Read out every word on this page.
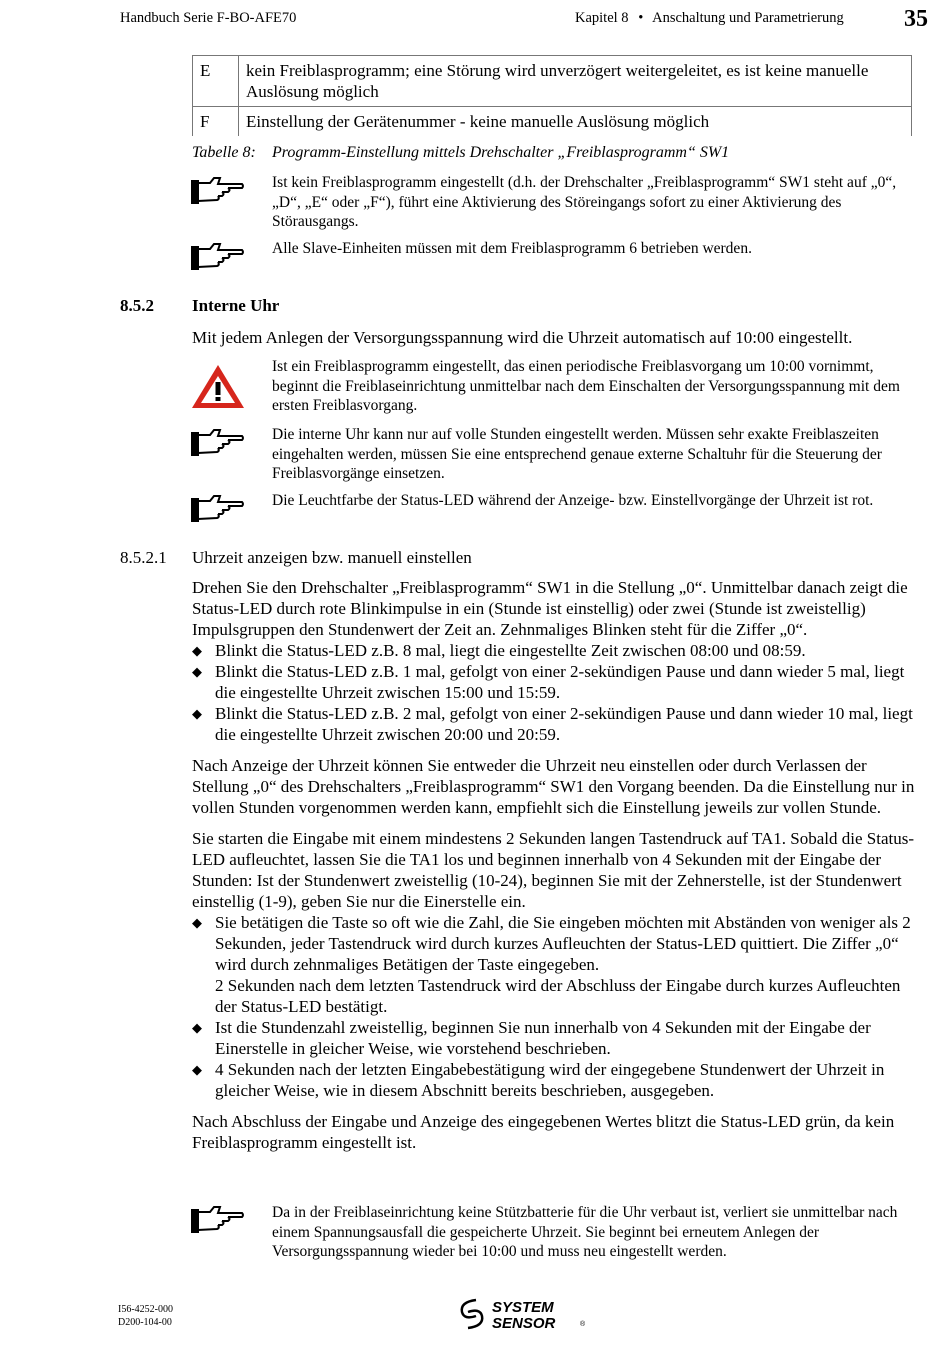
Handbuch Serie F-BO-AFE70	Kapitel 8 • Anschaltung und Parametrierung	35
E	kein Freiblasprogramm; eine Störung wird unverzögert weitergeleitet, es ist keine manuelle Auslösung möglich
F	Einstellung der Gerätenummer - keine manuelle Auslösung möglich
Tabelle 8: Programm-Einstellung mittels Drehschalter „Freiblasprogramm“ SW1
Ist kein Freiblasprogramm eingestellt (d.h. der Drehschalter „Freiblasprogramm“ SW1 steht auf „0“, „D“, „E“ oder „F“), führt eine Aktivierung des Störeingangs sofort zu einer Aktivierung des Störausgangs.
Alle Slave-Einheiten müssen mit dem Freiblasprogramm 6 betrieben werden.
8.5.2 Interne Uhr
Mit jedem Anlegen der Versorgungsspannung wird die Uhrzeit automatisch auf 10:00 eingestellt.
Ist ein Freiblasprogramm eingestellt, das einen periodische Freiblasvorgang um 10:00 vornimmt, beginnt die Freiblaseinrichtung unmittelbar nach dem Einschalten der Versorgungsspannung mit dem ersten Freiblasvorgang.
Die interne Uhr kann nur auf volle Stunden eingestellt werden. Müssen sehr exakte Freiblaszeiten eingehalten werden, müssen Sie eine entsprechend genaue externe Schaltuhr für die Steuerung der Freiblasvorgänge einsetzen.
Die Leuchtfarbe der Status-LED während der Anzeige- bzw. Einstellvorgänge der Uhrzeit ist rot.
8.5.2.1 Uhrzeit anzeigen bzw. manuell einstellen

Drehen Sie den Drehschalter „Freiblasprogramm“ SW1 in die Stellung „0“. Unmittelbar danach zeigt die Status-LED durch rote Blinkimpulse in ein (Stunde ist einstellig) oder zwei (Stunde ist zweistellig) Impulsgruppen den Stundenwert der Zeit an. Zehnmaliges Blinken steht für die Ziffer „0“.

◆ Blinkt die Status-LED z.B. 8 mal, liegt die eingestellte Zeit zwischen 08:00 und 08:59.
◆ Blinkt die Status-LED z.B. 1 mal, gefolgt von einer 2-sekündigen Pause und dann wieder 5 mal, liegt die eingestellte Uhrzeit zwischen 15:00 und 15:59.
◆ Blinkt die Status-LED z.B. 2 mal, gefolgt von einer 2-sekündigen Pause und dann wieder 10 mal, liegt die eingestellte Uhrzeit zwischen 20:00 und 20:59.

Nach Anzeige der Uhrzeit können Sie entweder die Uhrzeit neu einstellen oder durch Verlassen der Stellung „0“ des Drehschalters „Freiblasprogramm“ SW1 den Vorgang beenden. Da die Einstellung nur in vollen Stunden vorgenommen werden kann, empfiehlt sich die Einstellung jeweils zur vollen Stunde.

Sie starten die Eingabe mit einem mindestens 2 Sekunden langen Tastendruck auf TA1. Sobald die Status-LED aufleuchtet, lassen Sie die TA1 los und beginnen innerhalb von 4 Sekunden mit der Eingabe der Stunden: Ist der Stundenwert zweistellig (10-24), beginnen Sie mit der Zehnerstelle, ist der Stundenwert einstellig (1-9), geben Sie nur die Einerstelle ein.

◆ Sie betätigen die Taste so oft wie die Zahl, die Sie eingeben möchten mit Abständen von weniger als 2 Sekunden, jeder Tastendruck wird durch kurzes Aufleuchten der Status-LED quittiert. Die Ziffer „0“ wird durch zehnmaliges Betätigen der Taste eingegeben.
2 Sekunden nach dem letzten Tastendruck wird der Abschluss der Eingabe durch kurzes Aufleuchten der Status-LED bestätigt.
◆ Ist die Stundenzahl zweistellig, beginnen Sie nun innerhalb von 4 Sekunden mit der Eingabe der Einerstelle in gleicher Weise, wie vorstehend beschrieben.
◆ 4 Sekunden nach der letzten Eingabebestätigung wird der eingegebene Stundenwert der Uhrzeit in gleicher Weise, wie in diesem Abschnitt bereits beschrieben, ausgegeben.

Nach Abschluss der Eingabe und Anzeige des eingegebenen Wertes blitzt die Status-LED grün, da kein Freiblasprogramm eingestellt ist.

Da in der Freiblaseinrichtung keine Stützbatterie für die Uhr verbaut ist, verliert sie unmittelbar nach einem Spannungsausfall die gespeicherte Uhrzeit. Sie beginnt bei erneutem Anlegen der Versorgungsspannung wieder bei 10:00 und muss neu eingestellt werden.
I56-4252-000
D200-104-00
SYSTEM
SENSOR	®
